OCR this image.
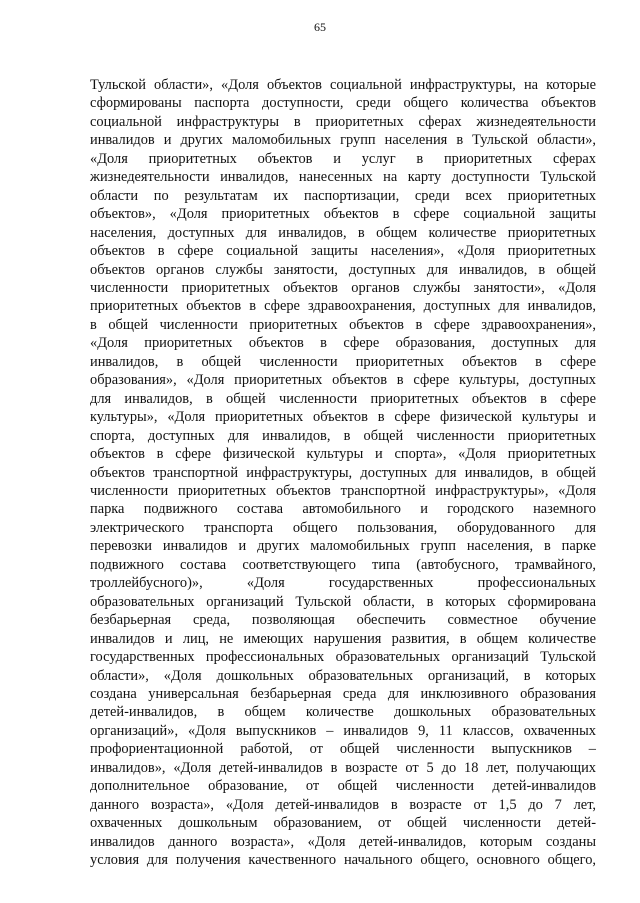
65
Тульской области», «Доля объектов социальной инфраструктуры, на которые
сформированы паспорта доступности, среди общего количества объектов
социальной инфраструктуры в приоритетных сферах жизнедеятельности
инвалидов и других маломобильных групп населения в Тульской области»,
«Доля приоритетных объектов и услуг в приоритетных сферах
жизнедеятельности инвалидов, нанесенных на карту доступности Тульской
области по результатам их паспортизации, среди всех приоритетных
объектов», «Доля приоритетных объектов в сфере социальной защиты
населения, доступных для инвалидов, в общем количестве приоритетных
объектов в сфере социальной защиты населения», «Доля приоритетных
объектов органов службы занятости, доступных для инвалидов, в общей
численности приоритетных объектов органов службы занятости», «Доля
приоритетных объектов в сфере здравоохранения, доступных для инвалидов,
в общей численности приоритетных объектов в сфере здравоохранения»,
«Доля приоритетных объектов в сфере образования, доступных для
инвалидов, в общей численности приоритетных объектов в сфере
образования», «Доля приоритетных объектов в сфере культуры, доступных
для инвалидов, в общей численности приоритетных объектов в сфере
культуры», «Доля приоритетных объектов в сфере физической культуры и
спорта, доступных для инвалидов, в общей численности приоритетных
объектов в сфере физической культуры и спорта», «Доля приоритетных
объектов транспортной инфраструктуры, доступных для инвалидов, в общей
численности приоритетных объектов транспортной инфраструктуры», «Доля
парка подвижного состава автомобильного и городского наземного
электрического транспорта общего пользования, оборудованного для
перевозки инвалидов и других маломобильных групп населения, в парке
подвижного состава соответствующего типа (автобусного, трамвайного,
троллейбусного)», «Доля государственных профессиональных
образовательных организаций Тульской области, в которых сформирована
безбарьерная среда, позволяющая обеспечить совместное обучение
инвалидов и лиц, не имеющих нарушения развития, в общем количестве
государственных профессиональных образовательных организаций Тульской
области», «Доля дошкольных образовательных организаций, в которых
создана универсальная безбарьерная среда для инклюзивного образования
детей-инвалидов, в общем количестве дошкольных образовательных
организаций», «Доля выпускников – инвалидов 9, 11 классов, охваченных
профориентационной работой, от общей численности выпускников –
инвалидов», «Доля детей-инвалидов в возрасте от 5 до 18 лет, получающих
дополнительное образование, от общей численности детей-инвалидов
данного возраста», «Доля детей-инвалидов в возрасте от 1,5 до 7 лет,
охваченных дошкольным образованием, от общей численности детей-
инвалидов данного возраста», «Доля детей-инвалидов, которым созданы
условия для получения качественного начального общего, основного общего,
